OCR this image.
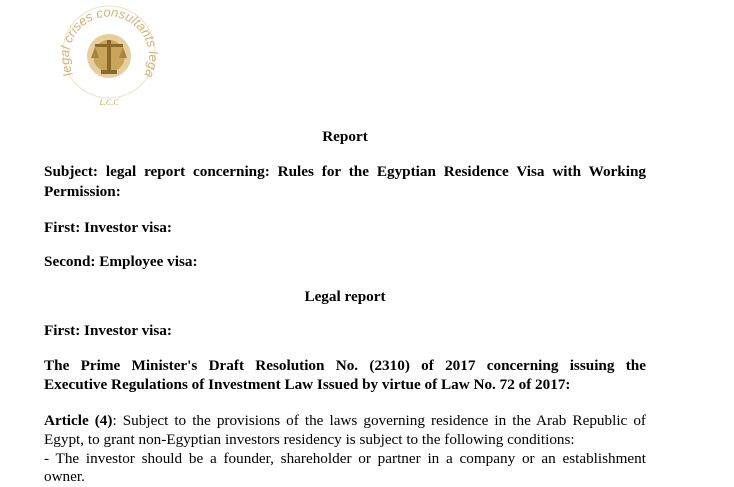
legal crises consultants lega
L.C.C
Report
Subject: legal report concerning: Rules for the Egyptian Residence Visa with Working
Permission:
First: Investor visa:
Second: Employee visa:
Legal report
First: Investor visa:
The Prime Minister's Draft Resolution No. (2310) of 2017 concerning issuing the
Executive Regulations of Investment Law Issued by virtue of Law No. 72 of 2017:
Article (4): Subject to the provisions of the laws governing residence in the Arab Republic of
Egypt, to grant non-Egyptian investors residency is subject to the following conditions:
- The investor should be a founder, shareholder or partner in a company or an establishment
owner.
